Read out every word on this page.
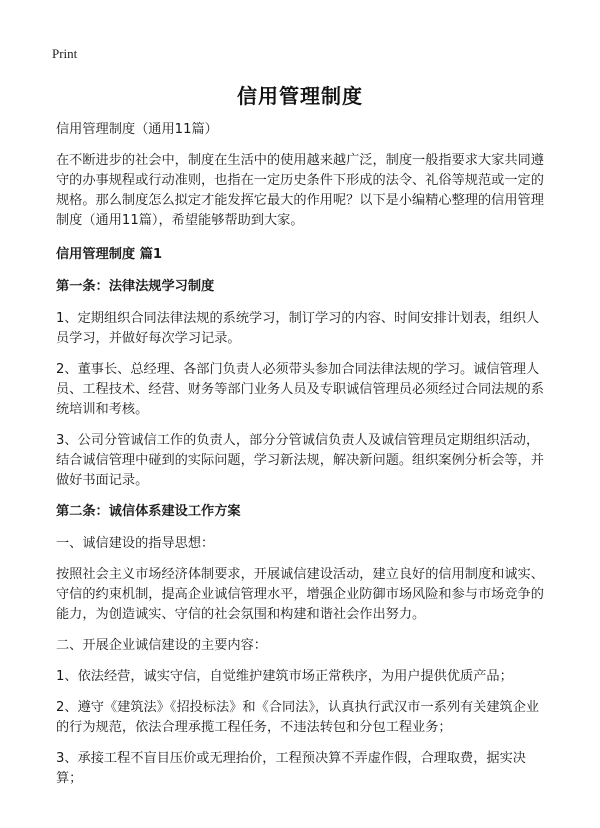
Print
信用管理制度

信用管理制度（通用11篇）

在不断进步的社会中，制度在生活中的使用越来越广泛，制度一般指要求大家共同遵守的办事规程或行动准则，也指在一定历史条件下形成的法令、礼俗等规范或一定的规格。那么制度怎么拟定才能发挥它最大的作用呢？以下是小编精心整理的信用管理制度（通用11篇），希望能够帮助到大家。

信用管理制度 篇1

第一条：法律法规学习制度

1、定期组织合同法律法规的系统学习，制订学习的内容、时间安排计划表，组织人员学习，并做好每次学习记录。

2、董事长、总经理、各部门负责人必须带头参加合同法律法规的学习。诚信管理人员、工程技术、经营、财务等部门业务人员及专职诚信管理员必须经过合同法规的系统培训和考核。

3、公司分管诚信工作的负责人，部分分管诚信负责人及诚信管理员定期组织活动，结合诚信管理中碰到的实际问题，学习新法规，解决新问题。组织案例分析会等，并做好书面记录。

第二条：诚信体系建设工作方案

一、诚信建设的指导思想：

按照社会主义市场经济体制要求，开展诚信建设活动，建立良好的信用制度和诚实、守信的约束机制，提高企业诚信管理水平，增强企业防御市场风险和参与市场竞争的能力，为创造诚实、守信的社会氛围和构建和谐社会作出努力。

二、开展企业诚信建设的主要内容：

1、依法经营，诚实守信，自觉维护建筑市场正常秩序，为用户提供优质产品；

2、遵守《建筑法》《招投标法》和《合同法》，认真执行武汉市一系列有关建筑企业的行为规范，依法合理承揽工程任务，不违法转包和分包工程业务；

3、承接工程不盲目压价或无理抬价，工程预决算不弄虚作假，合理取费，据实决算；
